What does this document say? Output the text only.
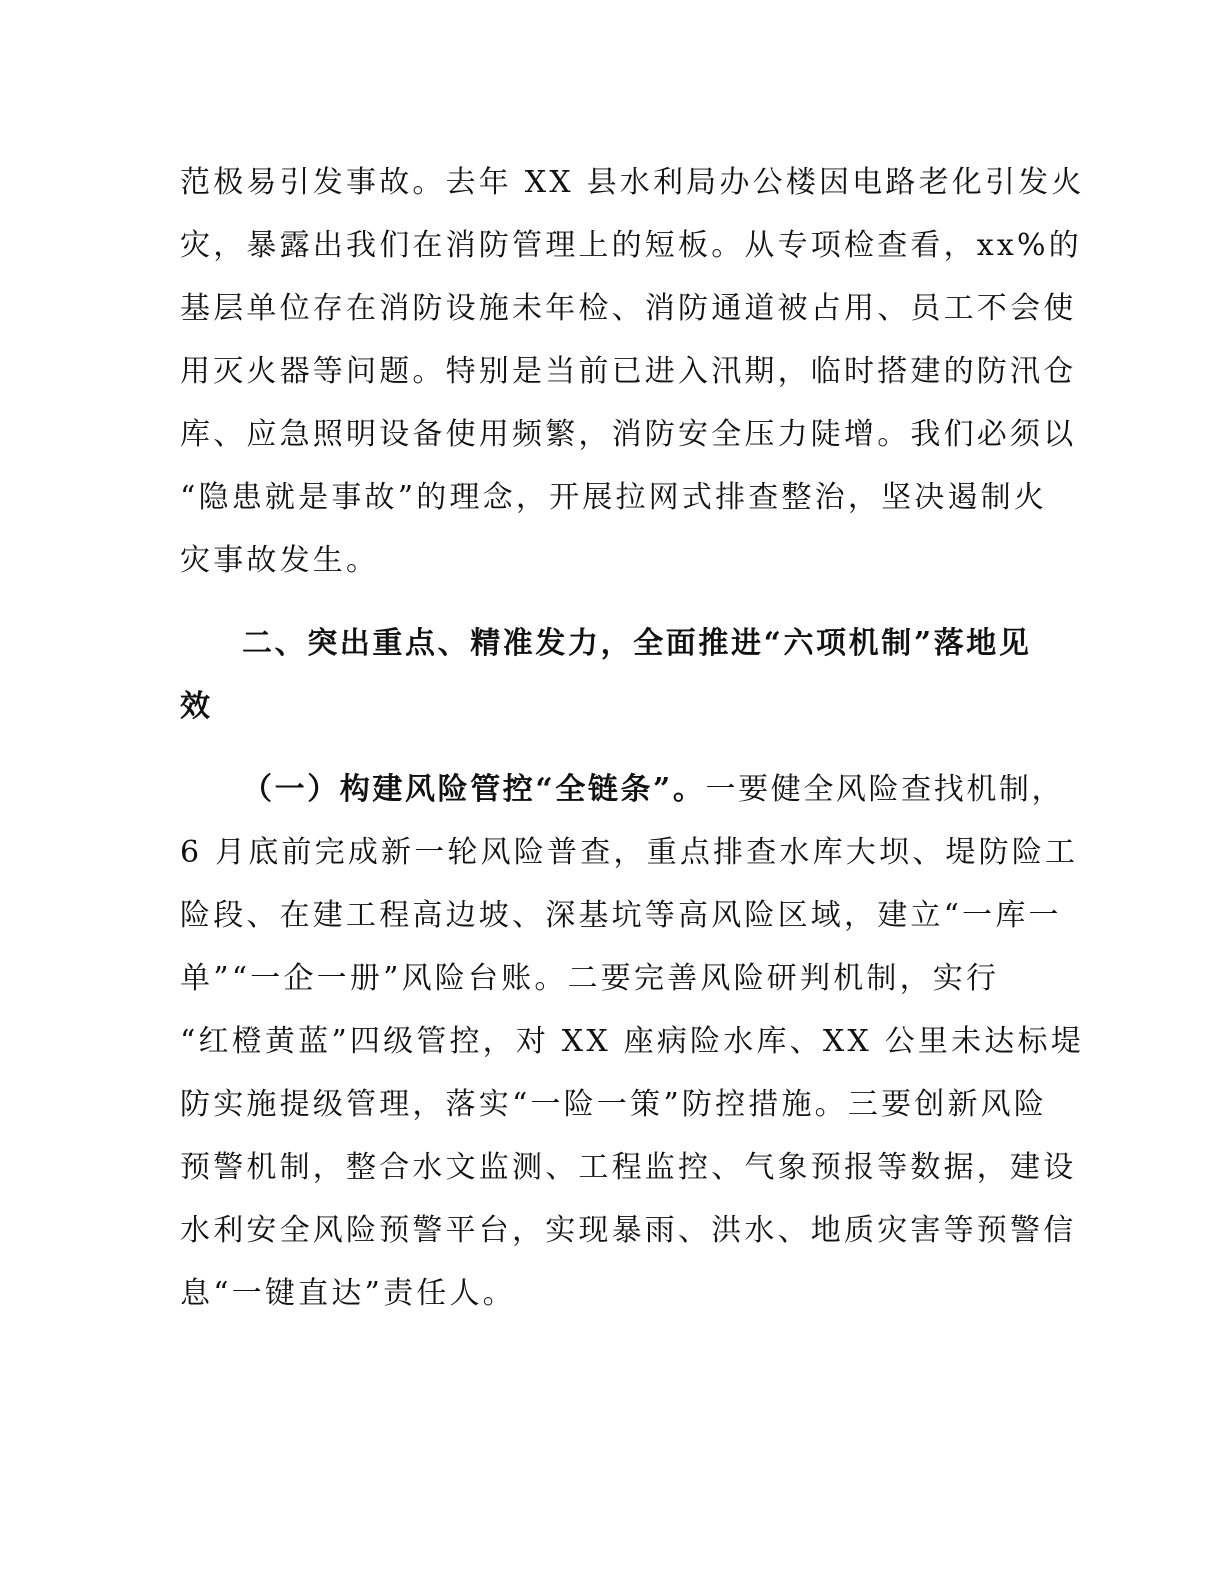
范极易引发事故。去年 XX 县水利局办公楼因电路老化引发火
灾，暴露出我们在消防管理上的短板。从专项检查看，xx%的
基层单位存在消防设施未年检、消防通道被占用、员工不会使
用灭火器等问题。特别是当前已进入汛期，临时搭建的防汛仓
库、应急照明设备使用频繁，消防安全压力陡增。我们必须以
“隐患就是事故”的理念，开展拉网式排查整治，坚决遏制火
灾事故发生。
二、突出重点、精准发力，全面推进“六项机制”落地见
效
（一）构建风险管控“全链条”。一要健全风险查找机制，
6 月底前完成新一轮风险普查，重点排查水库大坝、堤防险工
险段、在建工程高边坡、深基坑等高风险区域，建立“一库一
单”“一企一册”风险台账。二要完善风险研判机制，实行
“红橙黄蓝”四级管控，对 XX 座病险水库、XX 公里未达标堤
防实施提级管理，落实“一险一策”防控措施。三要创新风险
预警机制，整合水文监测、工程监控、气象预报等数据，建设
水利安全风险预警平台，实现暴雨、洪水、地质灾害等预警信
息“一键直达”责任人。
